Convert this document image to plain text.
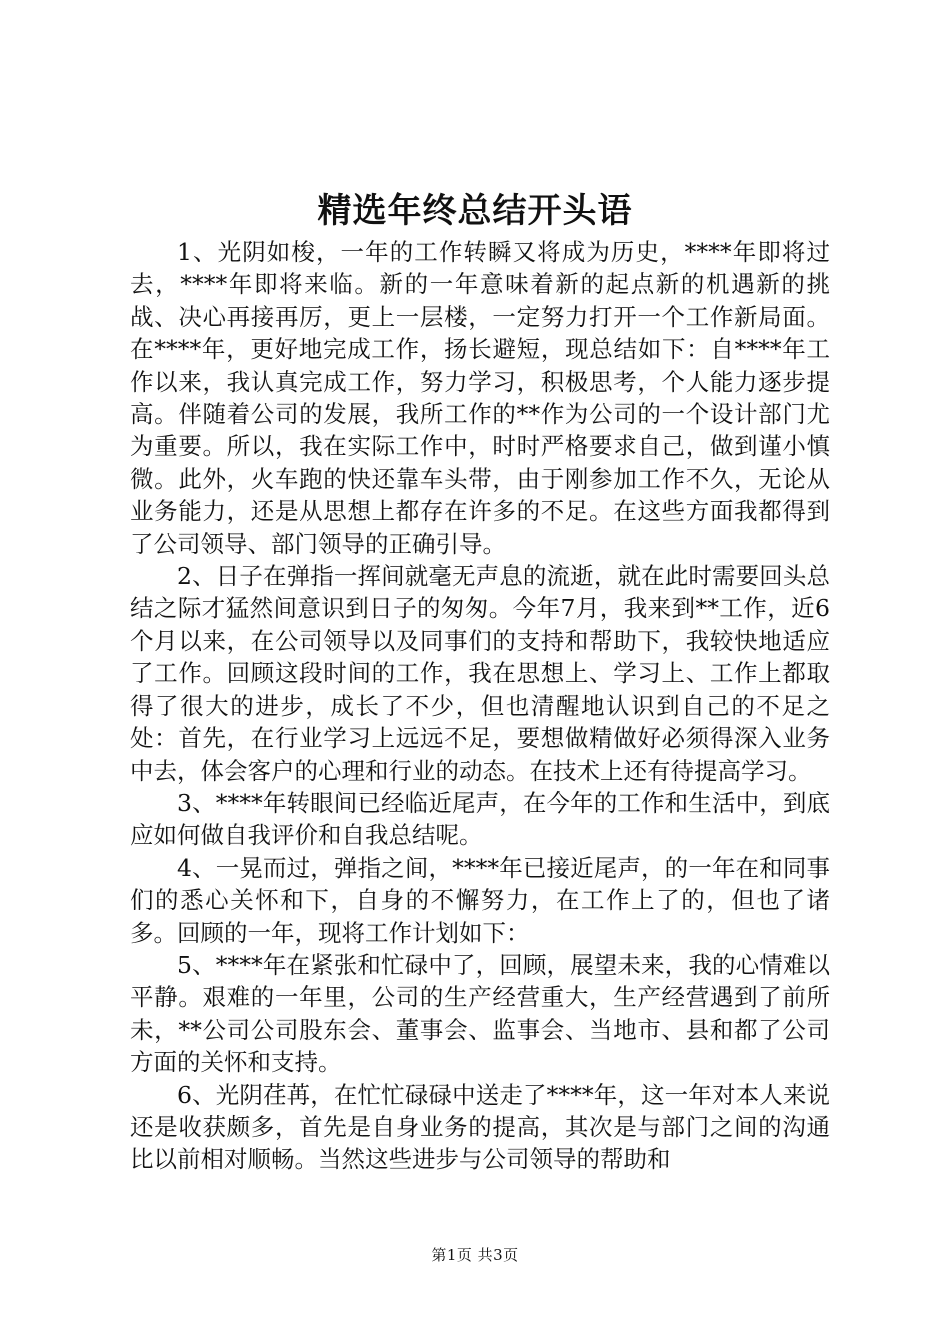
精选年终总结开头语

1、光阴如梭，一年的工作转瞬又将成为历史，****年即将过去，****年即将来临。新的一年意味着新的起点新的机遇新的挑战、决心再接再厉，更上一层楼，一定努力打开一个工作新局面。在****年，更好地完成工作，扬长避短，现总结如下：自****年工作以来，我认真完成工作，努力学习，积极思考，个人能力逐步提高。伴随着公司的发展，我所工作的**作为公司的一个设计部门尤为重要。所以，我在实际工作中，时时严格要求自己，做到谨小慎微。此外，火车跑的快还靠车头带，由于刚参加工作不久，无论从业务能力，还是从思想上都存在许多的不足。在这些方面我都得到了公司领导、部门领导的正确引导。

2、日子在弹指一挥间就毫无声息的流逝，就在此时需要回头总结之际才猛然间意识到日子的匆匆。今年7月，我来到**工作，近6个月以来，在公司领导以及同事们的支持和帮助下，我较快地适应了工作。回顾这段时间的工作，我在思想上、学习上、工作上都取得了很大的进步，成长了不少，但也清醒地认识到自己的不足之处：首先，在行业学习上远远不足，要想做精做好必须得深入业务中去，体会客户的心理和行业的动态。在技术上还有待提高学习。

3、****年转眼间已经临近尾声，在今年的工作和生活中，到底应如何做自我评价和自我总结呢。

4、一晃而过，弹指之间，****年已接近尾声，的一年在和同事们的悉心关怀和下，自身的不懈努力，在工作上了的，但也了诸多。回顾的一年，现将工作计划如下：

5、****年在紧张和忙碌中了，回顾，展望未来，我的心情难以平静。艰难的一年里，公司的生产经营重大，生产经营遇到了前所未，**公司公司股东会、董事会、监事会、当地市、县和都了公司方面的关怀和支持。

6、光阴荏苒，在忙忙碌碌中送走了****年，这一年对本人来说还是收获颇多，首先是自身业务的提高，其次是与部门之间的沟通比以前相对顺畅。当然这些进步与公司领导的帮助和

第1页 共3页
